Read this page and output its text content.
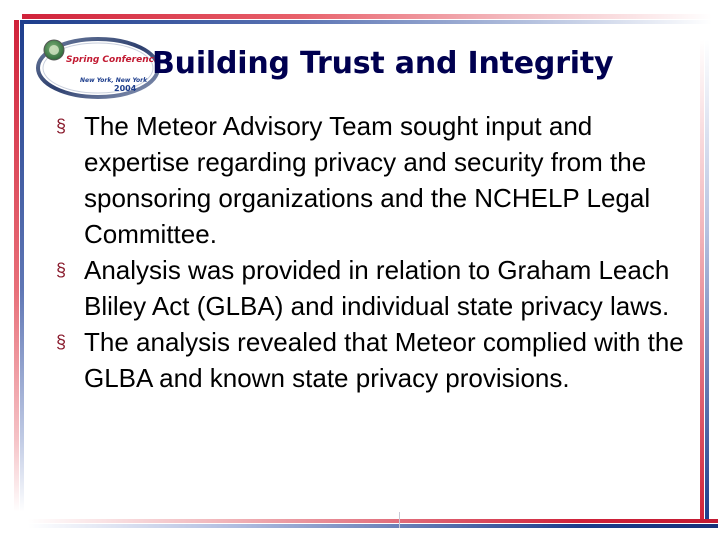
Spring Conference
New York, New York
2004
Building Trust and Integrity
§ The Meteor Advisory Team sought input and expertise regarding privacy and security from the sponsoring organizations and the NCHELP Legal Committee.
§ Analysis was provided in relation to Graham Leach Bliley Act (GLBA) and individual state privacy laws.
§ The analysis revealed that Meteor complied with the GLBA and known state privacy provisions.
